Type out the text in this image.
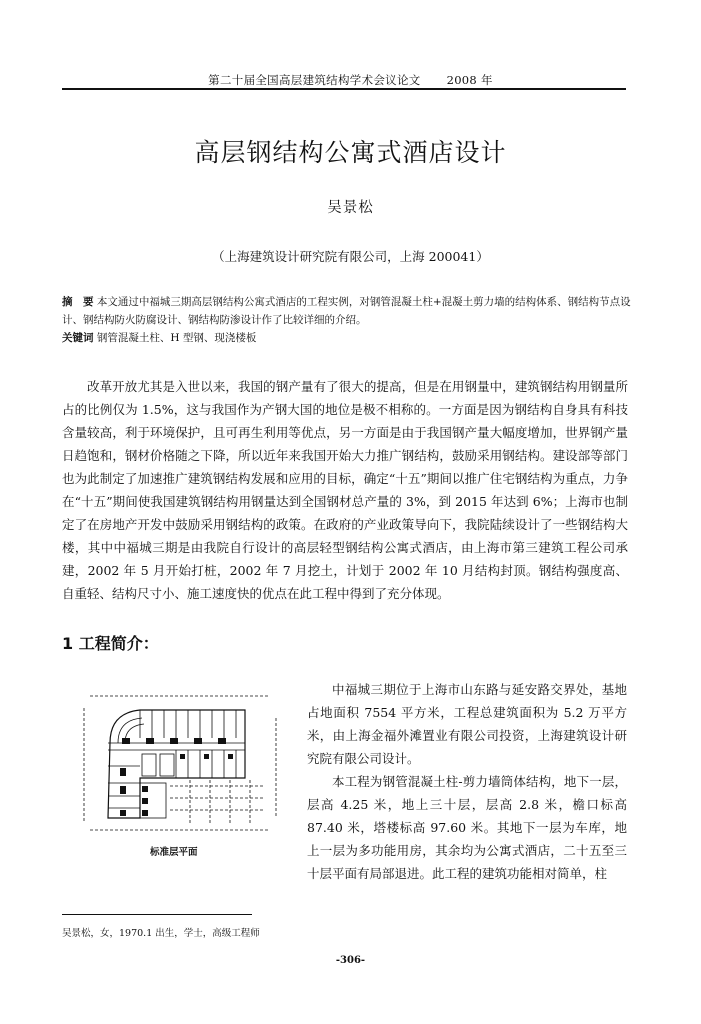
第二十届全国高层建筑结构学术会议论文 2008 年
高层钢结构公寓式酒店设计
吴景松
（上海建筑设计研究院有限公司，上海 200041）
摘　要 本文通过中福城三期高层钢结构公寓式酒店的工程实例，对钢管混凝土柱+混凝土剪力墙的结构体系、钢结构节点设计、钢结构防火防腐设计、钢结构防渗设计作了比较详细的介绍。
关键词 钢管混凝土柱、H 型钢、现浇楼板
改革开放尤其是入世以来，我国的钢产量有了很大的提高，但是在用钢量中，建筑钢结构用钢量所占的比例仅为 1.5%，这与我国作为产钢大国的地位是极不相称的。一方面是因为钢结构自身具有科技含量较高，利于环境保护，且可再生利用等优点，另一方面是由于我国钢产量大幅度增加，世界钢产量日趋饱和，钢材价格随之下降，所以近年来我国开始大力推广钢结构，鼓励采用钢结构。建设部等部门也为此制定了加速推广建筑钢结构发展和应用的目标，确定“十五”期间以推广住宅钢结构为重点，力争在“十五”期间使我国建筑钢结构用钢量达到全国钢材总产量的 3%，到 2015 年达到 6%；上海市也制定了在房地产开发中鼓励采用钢结构的政策。在政府的产业政策导向下，我院陆续设计了一些钢结构大楼，其中中福城三期是由我院自行设计的高层轻型钢结构公寓式酒店，由上海市第三建筑工程公司承建，2002 年 5 月开始打桩，2002 年 7 月挖土，计划于 2002 年 10 月结构封顶。钢结构强度高、自重轻、结构尺寸小、施工速度快的优点在此工程中得到了充分体现。
1 工程简介：
标准层平面

中福城三期位于上海市山东路与延安路交界处，基地占地面积 7554 平方米，工程总建筑面积为 5.2 万平方米，由上海金福外滩置业有限公司投资，上海建筑设计研究院有限公司设计。

本工程为钢管混凝土柱-剪力墙筒体结构，地下一层，层高 4.25 米，地上三十层，层高 2.8 米，檐口标高 87.40 米，塔楼标高 97.60 米。其地下一层为车库，地上一层为多功能用房，其余均为公寓式酒店，二十五至三十层平面有局部退进。此工程的建筑功能相对简单，柱

吴景松，女，1970.1 出生，学士，高级工程师
-306-
